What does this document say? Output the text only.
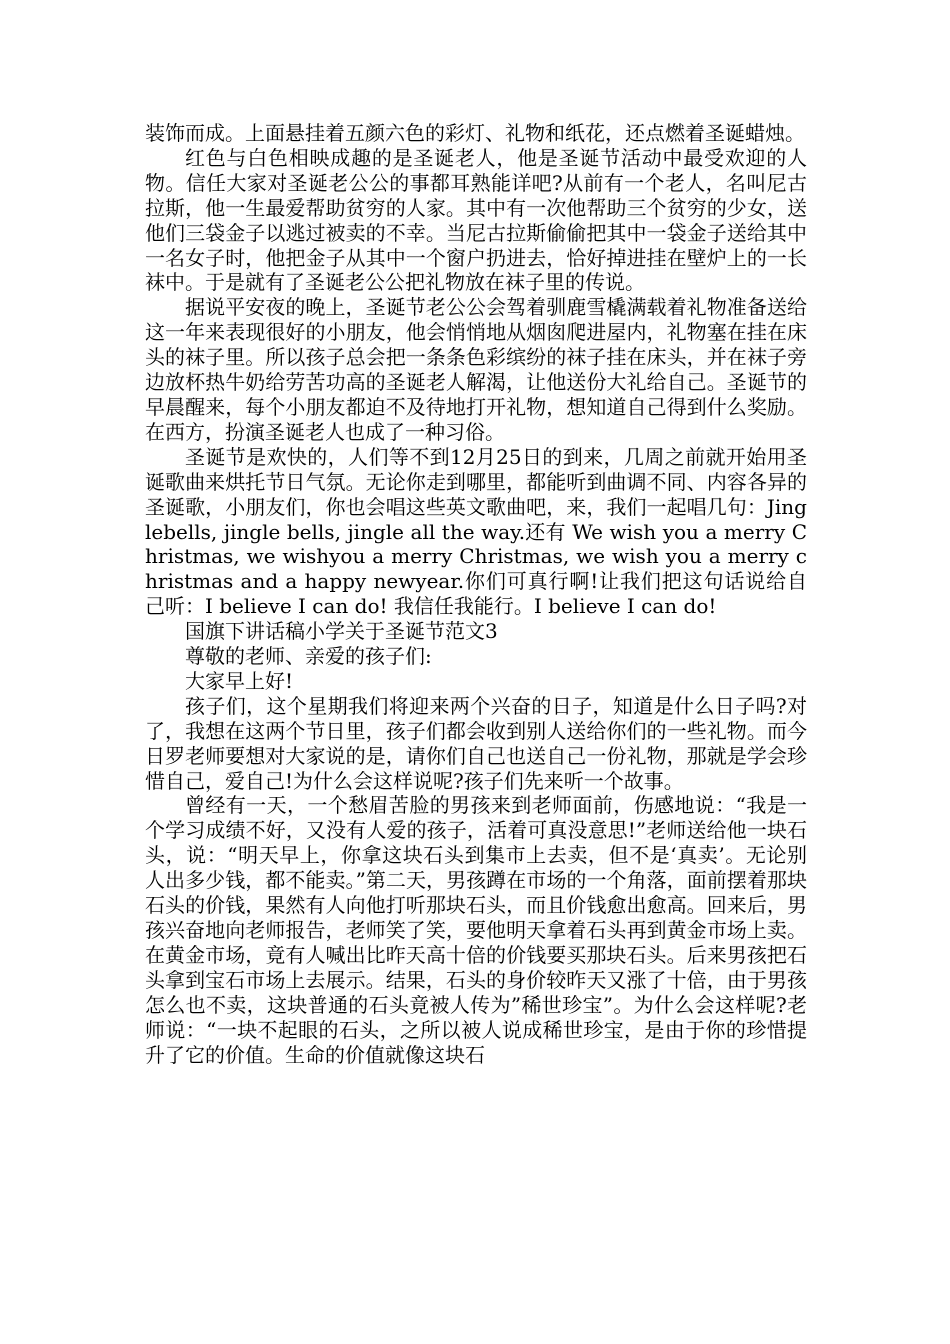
装饰而成。上面悬挂着五颜六色的彩灯、礼物和纸花，还点燃着圣诞蜡烛。

红色与白色相映成趣的是圣诞老人，他是圣诞节活动中最受欢迎的人物。信任大家对圣诞老公公的事都耳熟能详吧?从前有一个老人，名叫尼古拉斯，他一生最爱帮助贫穷的人家。其中有一次他帮助三个贫穷的少女，送他们三袋金子以逃过被卖的不幸。当尼古拉斯偷偷把其中一袋金子送给其中一名女子时，他把金子从其中一个窗户扔进去，恰好掉进挂在壁炉上的一长袜中。于是就有了圣诞老公公把礼物放在袜子里的传说。

据说平安夜的晚上，圣诞节老公公会驾着驯鹿雪橇满载着礼物准备送给这一年来表现很好的小朋友，他会悄悄地从烟囱爬进屋内，礼物塞在挂在床头的袜子里。所以孩子总会把一条条色彩缤纷的袜子挂在床头，并在袜子旁边放杯热牛奶给劳苦功高的圣诞老人解渴，让他送份大礼给自己。圣诞节的早晨醒来，每个小朋友都迫不及待地打开礼物，想知道自己得到什么奖励。在西方，扮演圣诞老人也成了一种习俗。

圣诞节是欢快的，人们等不到12月25日的到来，几周之前就开始用圣诞歌曲来烘托节日气氛。无论你走到哪里，都能听到曲调不同、内容各异的圣诞歌，小朋友们，你也会唱这些英文歌曲吧，来，我们一起唱几句：Jinglebells, jingle bells, jingle all the way.还有 We wish you a merry Christmas, we wishyou a merry Christmas, we wish you a merry christmas and a happy newyear.你们可真行啊!让我们把这句话说给自己听：I believe I can do! 我信任我能行。I believe I can do!

国旗下讲话稿小学关于圣诞节范文3

尊敬的老师、亲爱的孩子们:

大家早上好!

孩子们，这个星期我们将迎来两个兴奋的日子，知道是什么日子吗?对了，我想在这两个节日里，孩子们都会收到别人送给你们的一些礼物。而今日罗老师要想对大家说的是，请你们自己也送自己一份礼物，那就是学会珍惜自己，爱自己!为什么会这样说呢?孩子们先来听一个故事。

曾经有一天，一个愁眉苦脸的男孩来到老师面前，伤感地说：“我是一个学习成绩不好，又没有人爱的孩子，活着可真没意思!”老师送给他一块石头，说：“明天早上，你拿这块石头到集市上去卖，但不是‘真卖’。无论别人出多少钱，都不能卖。”第二天，男孩蹲在市场的一个角落，面前摆着那块石头的价钱，果然有人向他打听那块石头，而且价钱愈出愈高。回来后，男孩兴奋地向老师报告，老师笑了笑，要他明天拿着石头再到黄金市场上卖。在黄金市场，竟有人喊出比昨天高十倍的价钱要买那块石头。后来男孩把石头拿到宝石市场上去展示。结果，石头的身价较昨天又涨了十倍，由于男孩怎么也不卖，这块普通的石头竟被人传为”稀世珍宝”。为什么会这样呢?老师说：“一块不起眼的石头，之所以被人说成稀世珍宝，是由于你的珍惜提升了它的价值。生命的价值就像这块石
